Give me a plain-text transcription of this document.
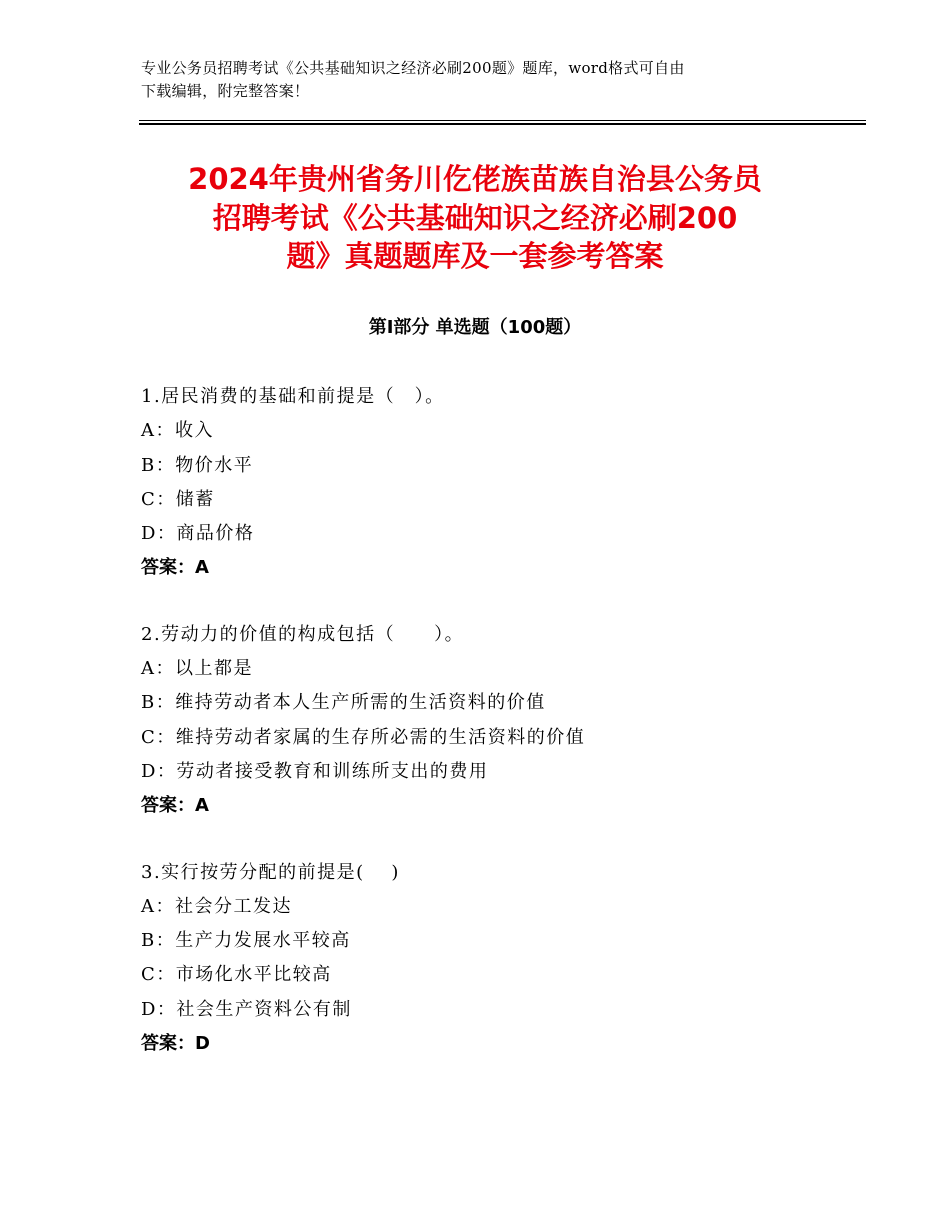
专业公务员招聘考试《公共基础知识之经济必刷200题》题库，word格式可自由
下载编辑，附完整答案！
2024年贵州省务川仡佬族苗族自治县公务员
招聘考试《公共基础知识之经济必刷200
题》真题题库及一套参考答案
第Ⅰ部分 单选题（100题）
1.居民消费的基础和前提是（　）。
A：收入
B：物价水平
C：储蓄
D：商品价格
答案：A
2.劳动力的价值的构成包括（　　）。
A：以上都是
B：维持劳动者本人生产所需的生活资料的价值
C：维持劳动者家属的生存所必需的生活资料的价值
D：劳动者接受教育和训练所支出的费用
答案：A
3.实行按劳分配的前提是(　 )
A：社会分工发达
B：生产力发展水平较高
C：市场化水平比较高
D：社会生产资料公有制
答案：D
